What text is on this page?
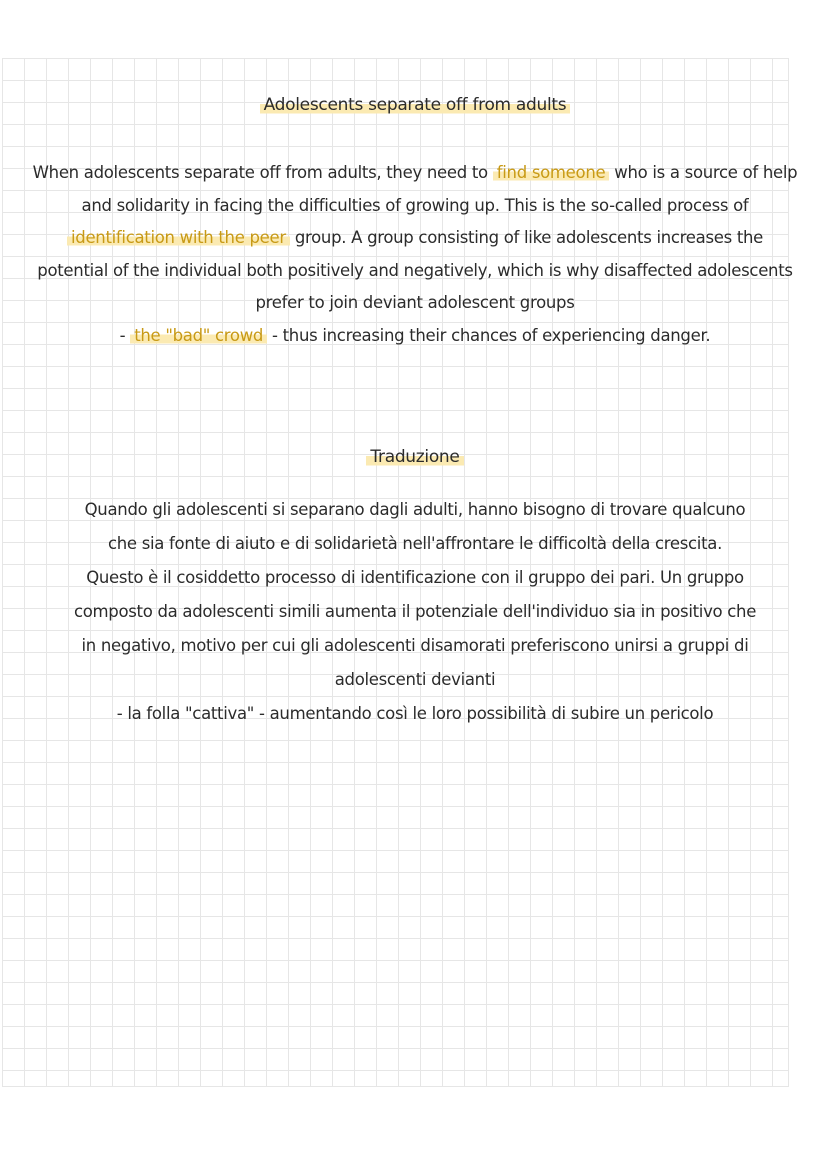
Adolescents separate off from adults
When adolescents separate off from adults, they need to find someone who is a source of help
and solidarity in facing the difficulties of growing up. This is the so-called process of
identification with the peer group. A group consisting of like adolescents increases the
potential of the individual both positively and negatively, which is why disaffected adolescents
prefer to join deviant adolescent groups
- the "bad" crowd - thus increasing their chances of experiencing danger.
Traduzione
Quando gli adolescenti si separano dagli adulti, hanno bisogno di trovare qualcuno
che sia fonte di aiuto e di solidarietà nell'affrontare le difficoltà della crescita.
Questo è il cosiddetto processo di identificazione con il gruppo dei pari. Un gruppo
composto da adolescenti simili aumenta il potenziale dell'individuo sia in positivo che
in negativo, motivo per cui gli adolescenti disamorati preferiscono unirsi a gruppi di
adolescenti devianti
- la folla "cattiva" - aumentando così le loro possibilità di subire un pericolo
